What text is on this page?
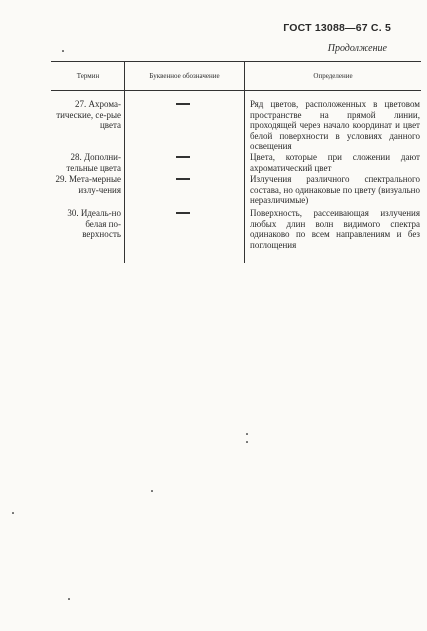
ГОСТ 13088—67 С. 5
Продолжение
Термин	Буквенное обозначение	Определение
27. Ахрома-тические, се-рые цвета
Ряд цветов, расположенных в цветовом пространстве на прямой линии, проходящей через начало координат и цвет белой поверхности в условиях данного освещения
28. Дополни-тельные цвета
Цвета, которые при сложении дают ахроматический цвет
29. Мета-мерные излу-чения
Излучения различного спектрального состава, но одинаковые по цвету (визуально неразличимые)
30. Идеаль-но белая по-верхность
Поверхность, рассеивающая излучения любых длин волн видимого спектра одинаково по всем направлениям и без поглощения
